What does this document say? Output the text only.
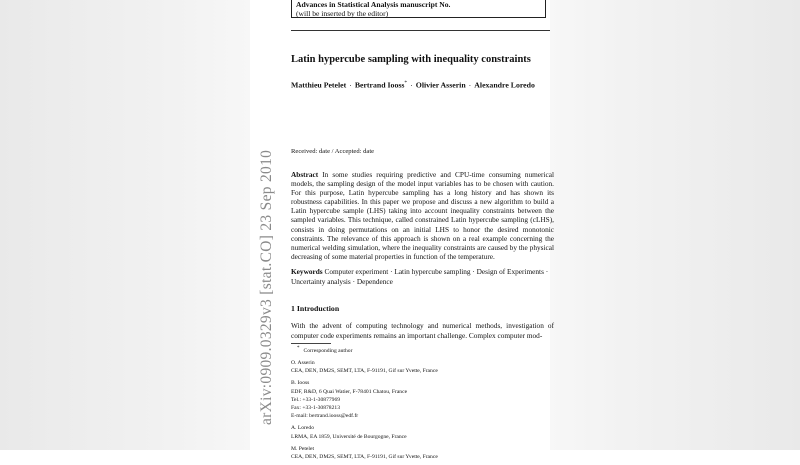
Advances in Statistical Analysis manuscript No.
(will be inserted by the editor)
Latin hypercube sampling with inequality constraints
Matthieu Petelet · Bertrand Iooss* · Olivier Asserin · Alexandre Loredo
Received: date / Accepted: date
Abstract In some studies requiring predictive and CPU-time consuming numerical models, the sampling design of the model input variables has to be chosen with caution. For this purpose, Latin hypercube sampling has a long history and has shown its robustness capabilities. In this paper we propose and discuss a new algorithm to build a Latin hypercube sample (LHS) taking into account inequality constraints between the sampled variables. This technique, called constrained Latin hypercube sampling (cLHS), consists in doing permutations on an initial LHS to honor the desired monotonic constraints. The relevance of this approach is shown on a real example concerning the numerical welding simulation, where the inequality constraints are caused by the physical decreasing of some material properties in function of the temperature.
Keywords Computer experiment · Latin hypercube sampling · Design of Experiments · Uncertainty analysis · Dependence
1 Introduction
With the advent of computing technology and numerical methods, investigation of computer code experiments remains an important challenge. Complex computer mod-
* Corresponding author
O. Asserin
CEA, DEN, DM2S, SEMT, LTA, F-91191, Gif sur Yvette, France
B. Iooss
EDF, R&D, 6 Quai Watier, F-78401 Chatou, France
Tel.: +33-1-30877969
Fax: +33-1-30878213
E-mail: bertrand.iooss@edf.fr
A. Loredo
LRMA, EA 1859, Université de Bourgogne, France
M. Petelet
CEA, DEN, DM2S, SEMT, LTA, F-91191, Gif sur Yvette, France
arXiv:0909.0329v3 [stat.CO] 23 Sep 2010
